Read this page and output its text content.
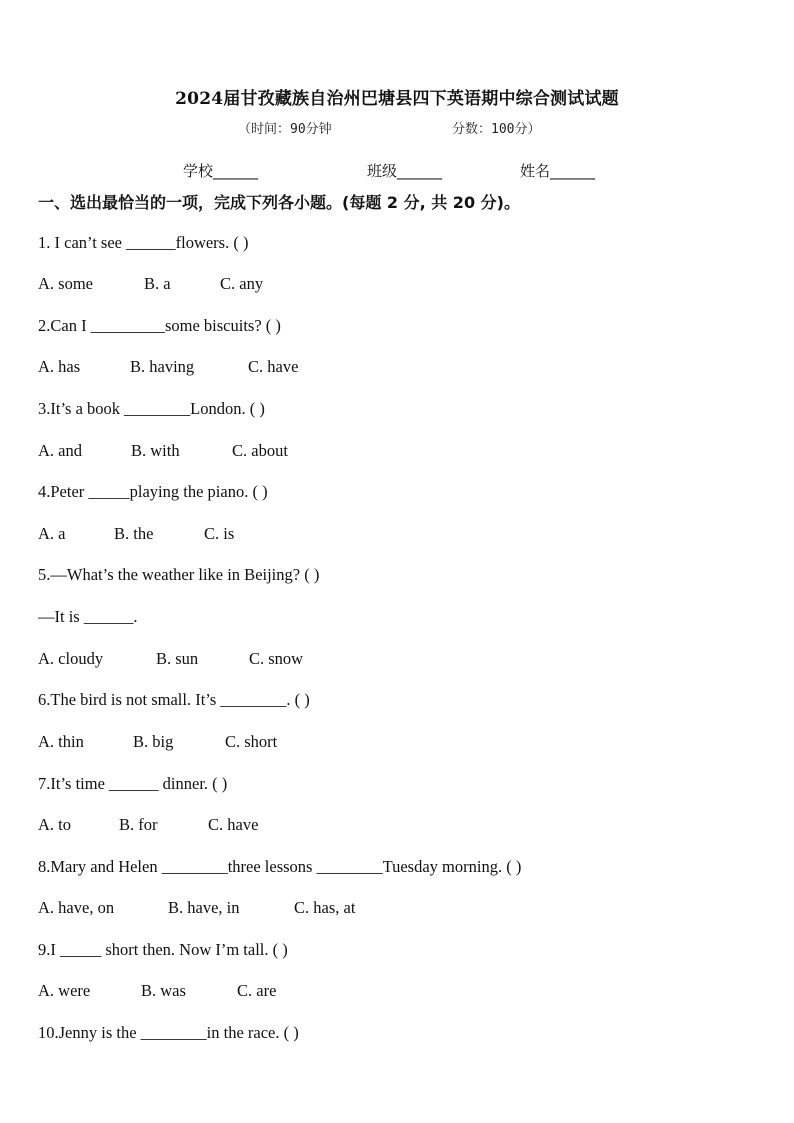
2024届甘孜藏族自治州巴塘县四下英语期中综合测试试题
（时间：90分钟	分数：100分）
学校______	班级______	姓名______
一、选出最恰当的一项，完成下列各小题。(每题 2 分, 共 20 分)。
1. I can’t see ______flowers. ( )
A. some	B. a	C. any
2.Can I _________some biscuits? ( )
A. has	B. having	C. have
3.It’s a book ________London. ( )
A. and	B. with	C. about
4.Peter _____playing the piano. ( )
A. a	B. the	C. is
5.—What’s the weather like in Beijing? ( )
—It is ______.
A. cloudy	B. sun	C. snow
6.The bird is not small. It’s ________. ( )
A. thin	B. big	C. short
7.It’s time ______ dinner. ( )
A. to	B. for	C. have
8.Mary and Helen ________three lessons ________Tuesday morning. ( )
A. have, on	B. have, in	C. has, at
9.I _____ short then. Now I’m tall. ( )
A. were	B. was	C. are
10.Jenny is the ________in the race. ( )
